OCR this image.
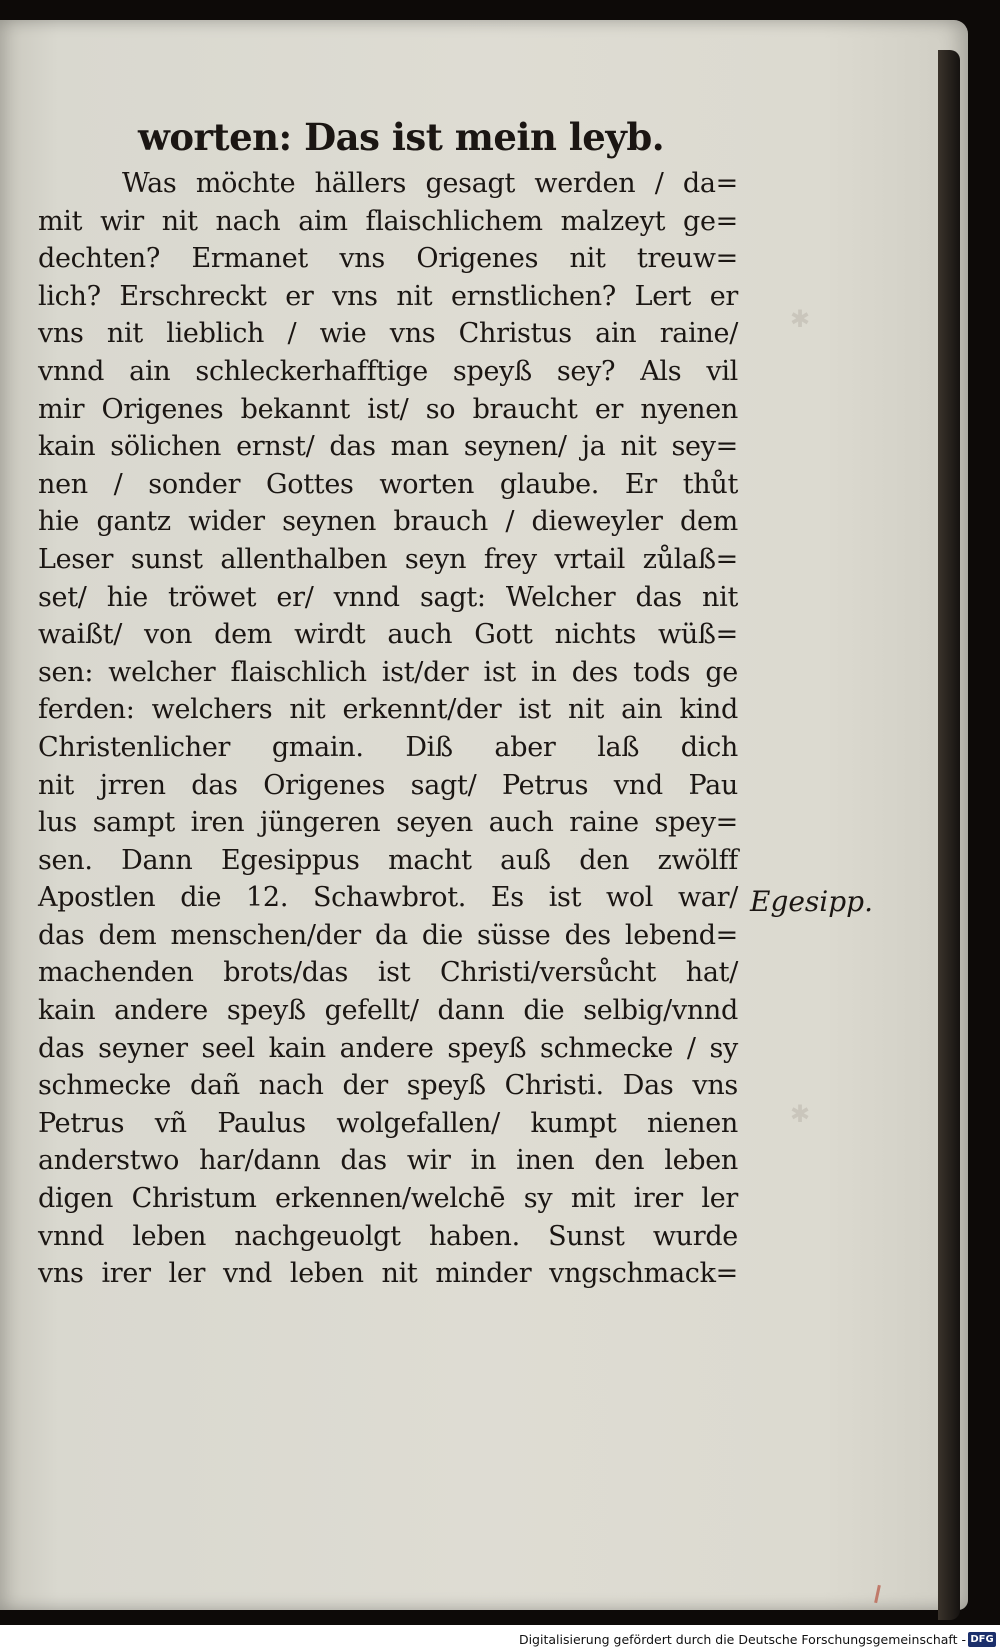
✱
✱
worten: Das ist mein leyb.
Was möchte hällers gesagt werden / da=
mit wir nit nach aim flaischlichem malzeyt ge=
dechten? Ermanet vns Origenes nit treuw=
lich? Erschreckt er vns nit ernstlichen? Lert er
vns nit lieblich / wie vns Christus ain raine/
vnnd ain schleckerhafftige speyß sey? Als vil
mir Origenes bekannt ist/ so braucht er nyenen
kain sölichen ernst/ das man seynen/ ja nit sey=
nen / sonder Gottes worten glaube. Er thůt
hie gantz wider seynen brauch / dieweyler dem
Leser sunst allenthalben seyn frey vrtail zůlaß=
set/ hie tröwet er/ vnnd sagt: Welcher das nit
waißt/ von dem wirdt auch Gott nichts wüß=
sen: welcher flaischlich ist/der ist in des tods ge
ferden: welchers nit erkennt/der ist nit ain kind
Christenlicher gmain. Diß aber laß dich
nit jrren das Origenes sagt/ Petrus vnd Pau
lus sampt iren jüngeren seyen auch raine spey=
sen. Dann Egesippus macht auß den zwölff
Apostlen die 12. Schawbrot. Es ist wol war/
das dem menschen/der da die süsse des lebend=
machenden brots/das ist Christi/versůcht hat/
kain andere speyß gefellt/ dann die selbig/vnnd
das seyner seel kain andere speyß schmecke / sy
schmecke dañ nach der speyß Christi. Das vns
Petrus vñ Paulus wolgefallen/ kumpt nienen
anderstwo har/dann das wir in inen den leben
digen Christum erkennen/welchē sy mit irer ler
vnnd leben nachgeuolgt haben. Sunst wurde
vns irer ler vnd leben nit minder vngschmack=
Egesipp.
Digitalisierung gefördert durch die Deutsche Forschungsgemeinschaft - DFG
